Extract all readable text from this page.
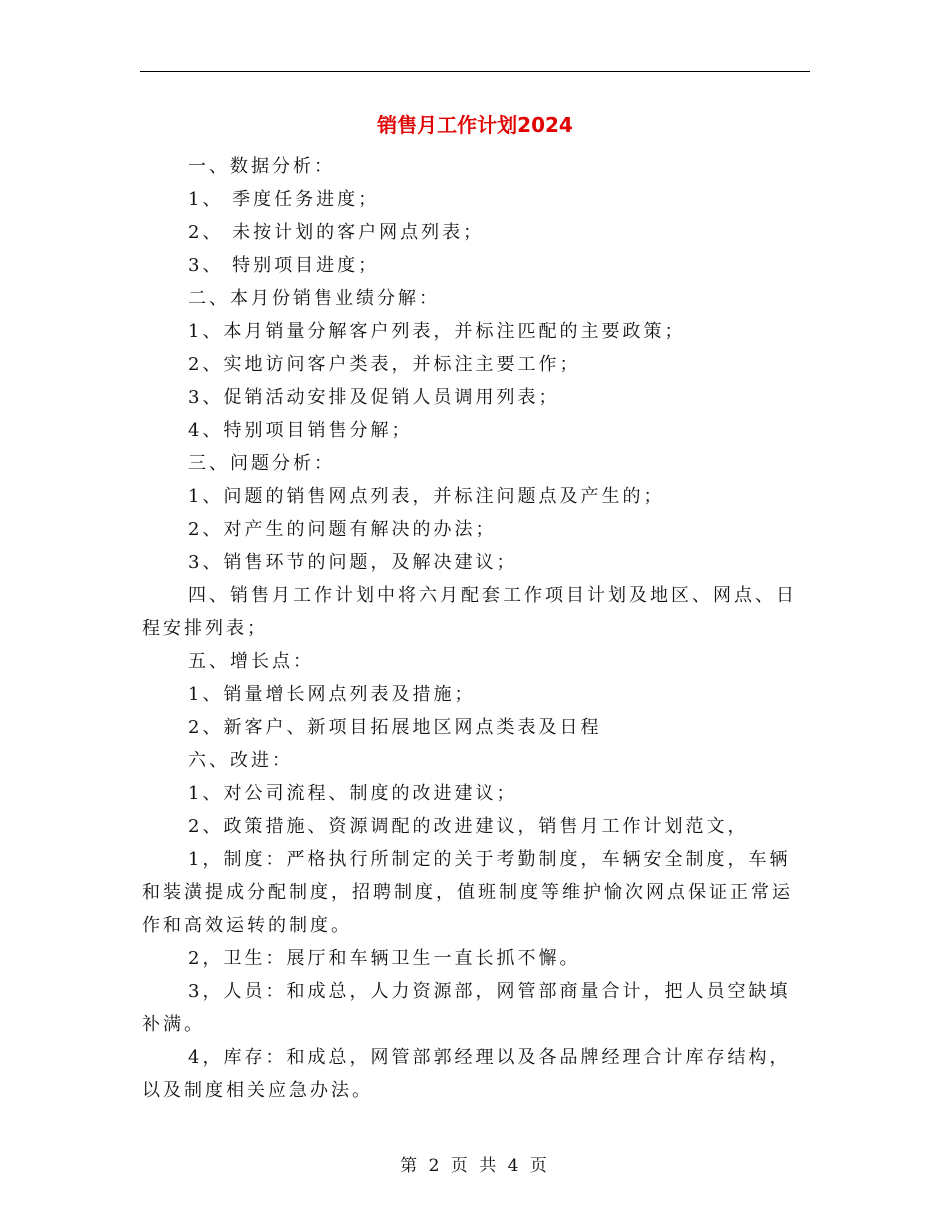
销售月工作计划2024

一、数据分析：

1、 季度任务进度；

2、 未按计划的客户网点列表；

3、 特别项目进度；

二、本月份销售业绩分解：

1、本月销量分解客户列表，并标注匹配的主要政策；

2、实地访问客户类表，并标注主要工作；

3、促销活动安排及促销人员调用列表；

4、特别项目销售分解；

三、问题分析：

1、问题的销售网点列表，并标注问题点及产生的；

2、对产生的问题有解决的办法；

3、销售环节的问题，及解决建议；

四、销售月工作计划中将六月配套工作项目计划及地区、网点、日程安排列表；

五、增长点：

1、销量增长网点列表及措施；

2、新客户、新项目拓展地区网点类表及日程

六、改进：

1、对公司流程、制度的改进建议；

2、政策措施、资源调配的改进建议，销售月工作计划范文，

1，制度：严格执行所制定的关于考勤制度，车辆安全制度，车辆和装潢提成分配制度，招聘制度，值班制度等维护愉次网点保证正常运作和高效运转的制度。

2，卫生：展厅和车辆卫生一直长抓不懈。

3，人员：和成总，人力资源部，网管部商量合计，把人员空缺填补满。

4，库存：和成总，网管部郭经理以及各品牌经理合计库存结构，以及制度相关应急办法。

第 2 页 共 4 页
